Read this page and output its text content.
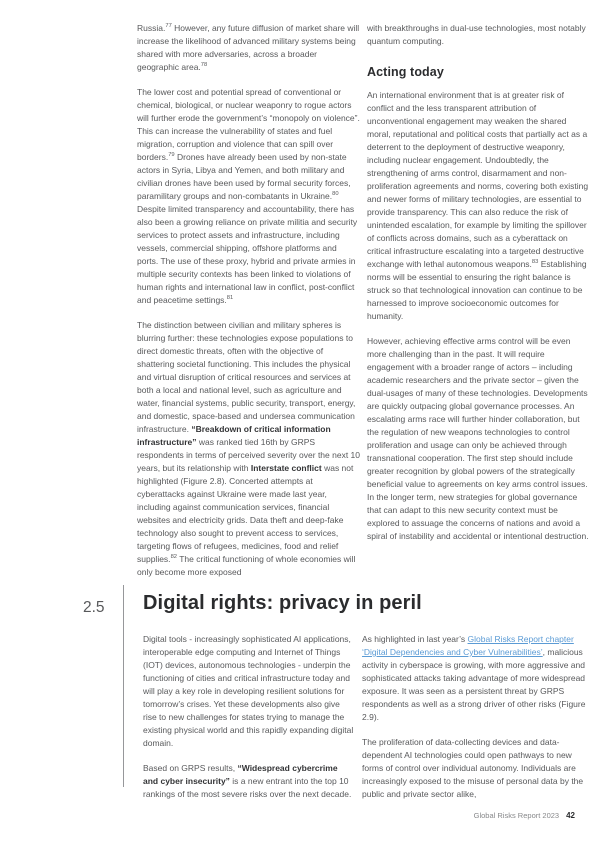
Russia.$^{77}$ However, any future diffusion of market share will increase the likelihood of advanced military systems being shared with more adversaries, across a broader geographic area.$^{78}$

The lower cost and potential spread of conventional or chemical, biological, or nuclear weaponry to rogue actors will further erode the government’s “monopoly on violence”. This can increase the vulnerability of states and fuel migration, corruption and violence that can spill over borders.$^{79}$ Drones have already been used by non-state actors in Syria, Libya and Yemen, and both military and civilian drones have been used by formal security forces, paramilitary groups and non-combatants in Ukraine.$^{80}$ Despite limited transparency and accountability, there has also been a growing reliance on private militia and security services to protect assets and infrastructure, including vessels, commercial shipping, offshore platforms and ports. The use of these proxy, hybrid and private armies in multiple security contexts has been linked to violations of human rights and international law in conflict, post-conflict and peacetime settings.$^{81}$

The distinction between civilian and military spheres is blurring further: these technologies expose populations to direct domestic threats, often with the objective of shattering societal functioning. This includes the physical and virtual disruption of critical resources and services at both a local and national level, such as agriculture and water, financial systems, public security, transport, energy, and domestic, space-based and undersea communication infrastructure. “Breakdown of critical information infrastructure” was ranked tied 16th by GRPS respondents in terms of perceived severity over the next 10 years, but its relationship with Interstate conflict was not highlighted (Figure 2.8). Concerted attempts at cyberattacks against Ukraine were made last year, including against communication services, financial websites and electricity grids. Data theft and deep-fake technology also sought to prevent access to services, targeting flows of refugees, medicines, food and relief supplies.$^{82}$ The critical functioning of whole economies will only become more exposed

with breakthroughs in dual-use technologies, most notably quantum computing.

Acting today

An international environment that is at greater risk of conflict and the less transparent attribution of unconventional engagement may weaken the shared moral, reputational and political costs that partially act as a deterrent to the deployment of destructive weaponry, including nuclear engagement. Undoubtedly, the strengthening of arms control, disarmament and non-proliferation agreements and norms, covering both existing and newer forms of military technologies, are essential to provide transparency. This can also reduce the risk of unintended escalation, for example by limiting the spillover of conflicts across domains, such as a cyberattack on critical infrastructure escalating into a targeted destructive exchange with lethal autonomous weapons.$^{83}$ Establishing norms will be essential to ensuring the right balance is struck so that technological innovation can continue to be harnessed to improve socioeconomic outcomes for humanity.

However, achieving effective arms control will be even more challenging than in the past. It will require engagement with a broader range of actors – including academic researchers and the private sector – given the dual-usages of many of these technologies. Developments are quickly outpacing global governance processes. An escalating arms race will further hinder collaboration, but the regulation of new weapons technologies to control proliferation and usage can only be achieved through transnational cooperation. The first step should include greater recognition by global powers of the strategically beneficial value to agreements on key arms control issues. In the longer term, new strategies for global governance that can adapt to this new security context must be explored to assuage the concerns of nations and avoid a spiral of instability and accidental or intentional destruction.

2.5 Digital rights: privacy in peril

Digital tools - increasingly sophisticated AI applications, interoperable edge computing and Internet of Things (IOT) devices, autonomous technologies - underpin the functioning of cities and critical infrastructure today and will play a key role in developing resilient solutions for tomorrow’s crises. Yet these developments also give rise to new challenges for states trying to manage the existing physical world and this rapidly expanding digital domain.

Based on GRPS results, “Widespread cybercrime and cyber insecurity” is a new entrant into the top 10 rankings of the most severe risks over the next decade.

As highlighted in last year’s Global Risks Report chapter ‘Digital Dependencies and Cyber Vulnerabilities’, malicious activity in cyberspace is growing, with more aggressive and sophisticated attacks taking advantage of more widespread exposure. It was seen as a persistent threat by GRPS respondents as well as a strong driver of other risks (Figure 2.9).

The proliferation of data-collecting devices and data-dependent AI technologies could open pathways to new forms of control over individual autonomy. Individuals are increasingly exposed to the misuse of personal data by the public and private sector alike,

Global Risks Report 2023 42
